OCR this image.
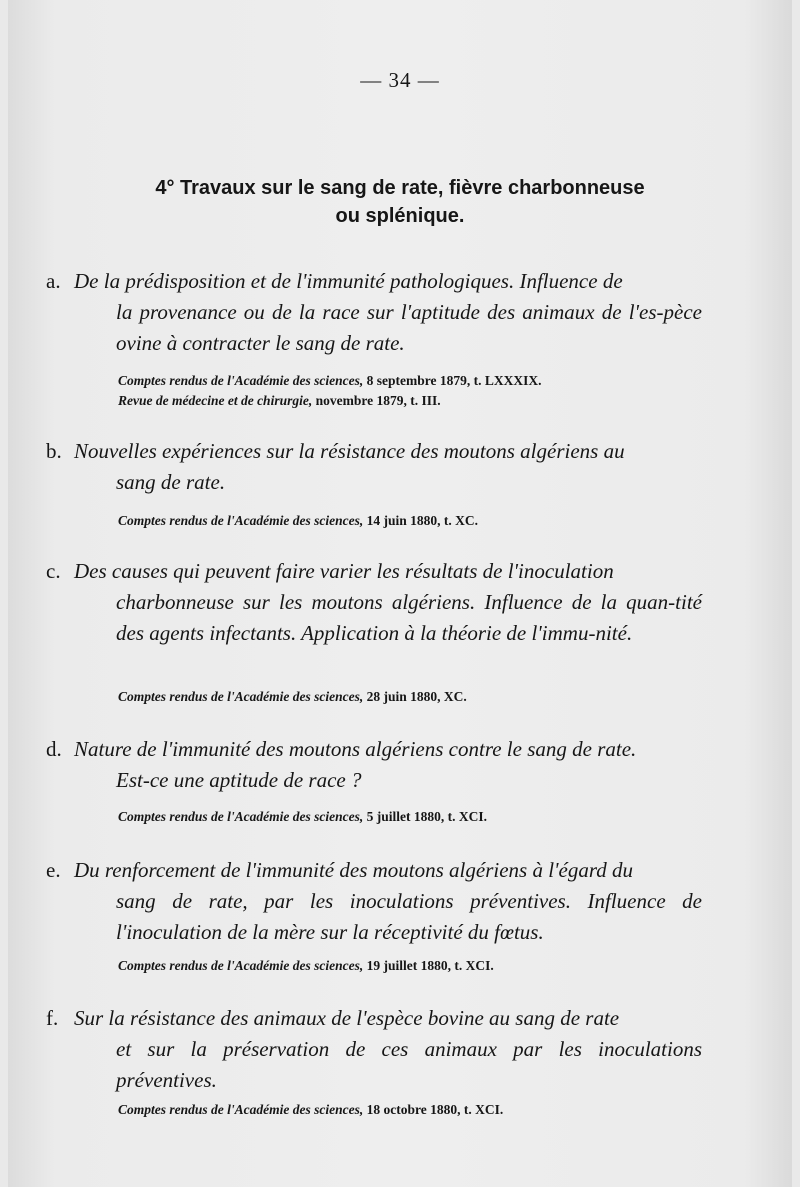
— 34 —
4° Travaux sur le sang de rate, fièvre charbonneuse
ou splénique.
a. De la prédisposition et de l'immunité pathologiques. Influence de
la provenance ou de la race sur l'aptitude des animaux de l'es-pèce ovine à contracter le sang de rate.
Comptes rendus de l'Académie des sciences, 8 septembre 1879, t. LXXXIX.
Revue de médecine et de chirurgie, novembre 1879, t. III.
b. Nouvelles expériences sur la résistance des moutons algériens au
sang de rate.
Comptes rendus de l'Académie des sciences, 14 juin 1880, t. XC.
c. Des causes qui peuvent faire varier les résultats de l'inoculation
charbonneuse sur les moutons algériens. Influence de la quan-tité des agents infectants. Application à la théorie de l'immu-nité.
Comptes rendus de l'Académie des sciences, 28 juin 1880, XC.
d. Nature de l'immunité des moutons algériens contre le sang de rate.
Est-ce une aptitude de race ?
Comptes rendus de l'Académie des sciences, 5 juillet 1880, t. XCI.
e. Du renforcement de l'immunité des moutons algériens à l'égard du
sang de rate, par les inoculations préventives. Influence de l'inoculation de la mère sur la réceptivité du fœtus.
Comptes rendus de l'Académie des sciences, 19 juillet 1880, t. XCI.
f. Sur la résistance des animaux de l'espèce bovine au sang de rate
et sur la préservation de ces animaux par les inoculations préventives.
Comptes rendus de l'Académie des sciences, 18 octobre 1880, t. XCI.
